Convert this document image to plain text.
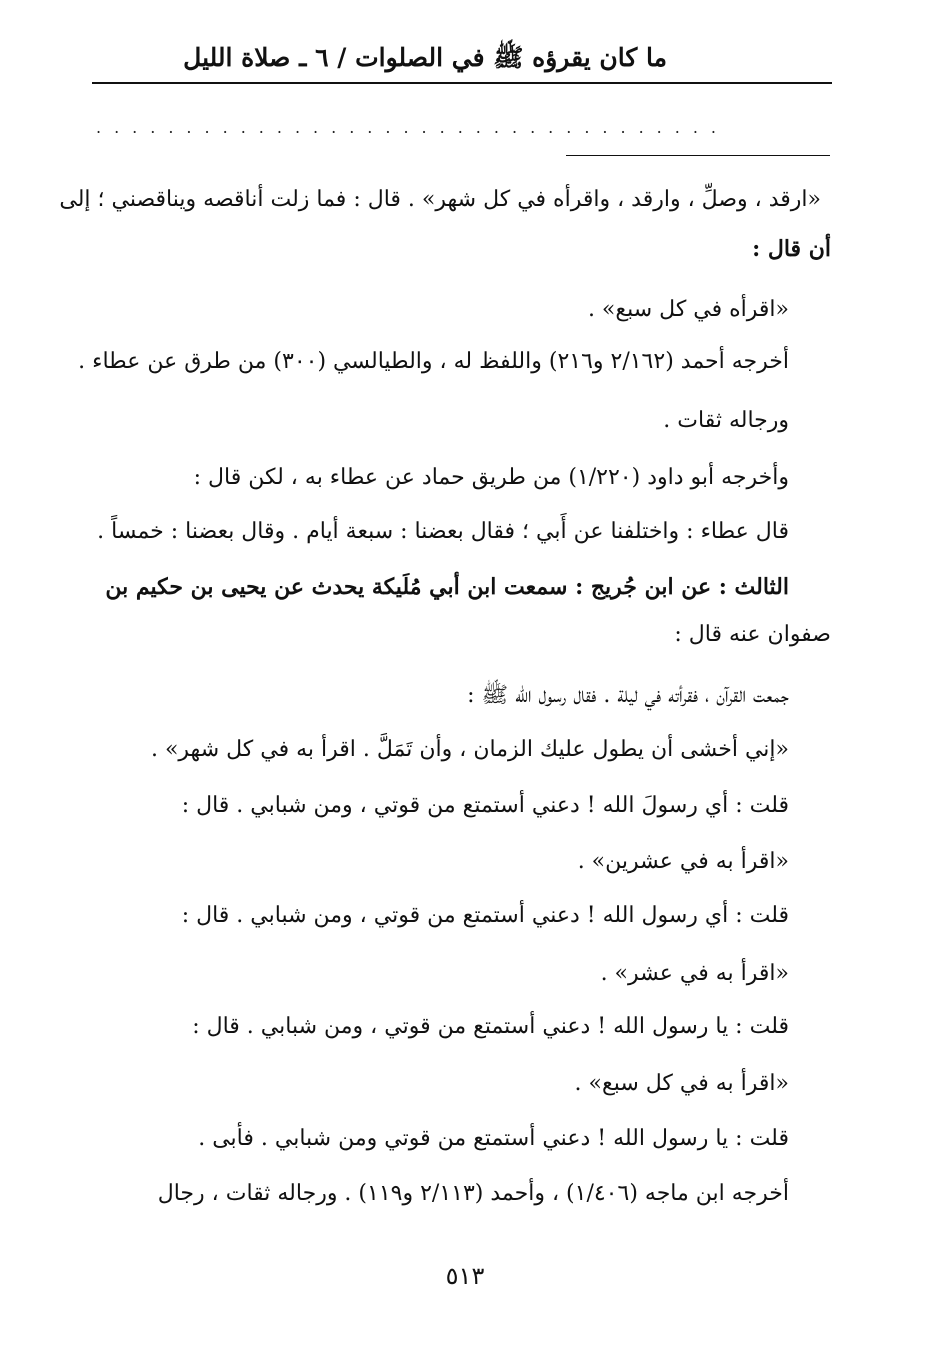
ما كان يقرؤه ﷺ في الصلوات / ٦ ـ صلاة الليل
...................................
«ارقد ، وصلِّ ، وارقد ، واقرأه في كل شهر» . قال : فما زلت أناقصه ويناقصني ؛ إلى
أن قال :
«اقرأه في كل سبع» .
أخرجه أحمد (٢/١٦٢ و٢١٦) واللفظ له ، والطيالسي (٣٠٠) من طرق عن عطاء .
ورجاله ثقات .
وأخرجه أبو داود (١/٢٢٠) من طريق حماد عن عطاء به ، لكن قال :
قال عطاء : واختلفنا عن أَبي ؛ فقال بعضنا : سبعة أيام . وقال بعضنا : خمساً .
الثالث : عن ابن جُريج : سمعت ابن أبي مُلَيكة يحدث عن يحيى بن حكيم بن
صفوان عنه قال :
جمعت القرآن ، فقرأته في ليلة . فقال رسول الله ﷺ :
«إني أخشى أن يطول عليك الزمان ، وأن تَمَلَّ . اقرأ به في كل شهر» .
قلت : أي رسولَ الله ! دعني أستمتع من قوتي ، ومن شبابي . قال :
«اقرأ به في عشرين» .
قلت : أي رسول الله ! دعني أستمتع من قوتي ، ومن شبابي . قال :
«اقرأ به في عشر» .
قلت : يا رسول الله ! دعني أستمتع من قوتي ، ومن شبابي . قال :
«اقرأ به في كل سبع» .
قلت : يا رسول الله ! دعني أستمتع من قوتي ومن شبابي . فأبى .
أخرجه ابن ماجه (١/٤٠٦) ، وأحمد (٢/١١٣ و١١٩) . ورجاله ثقات ، رجال
٥١٣
